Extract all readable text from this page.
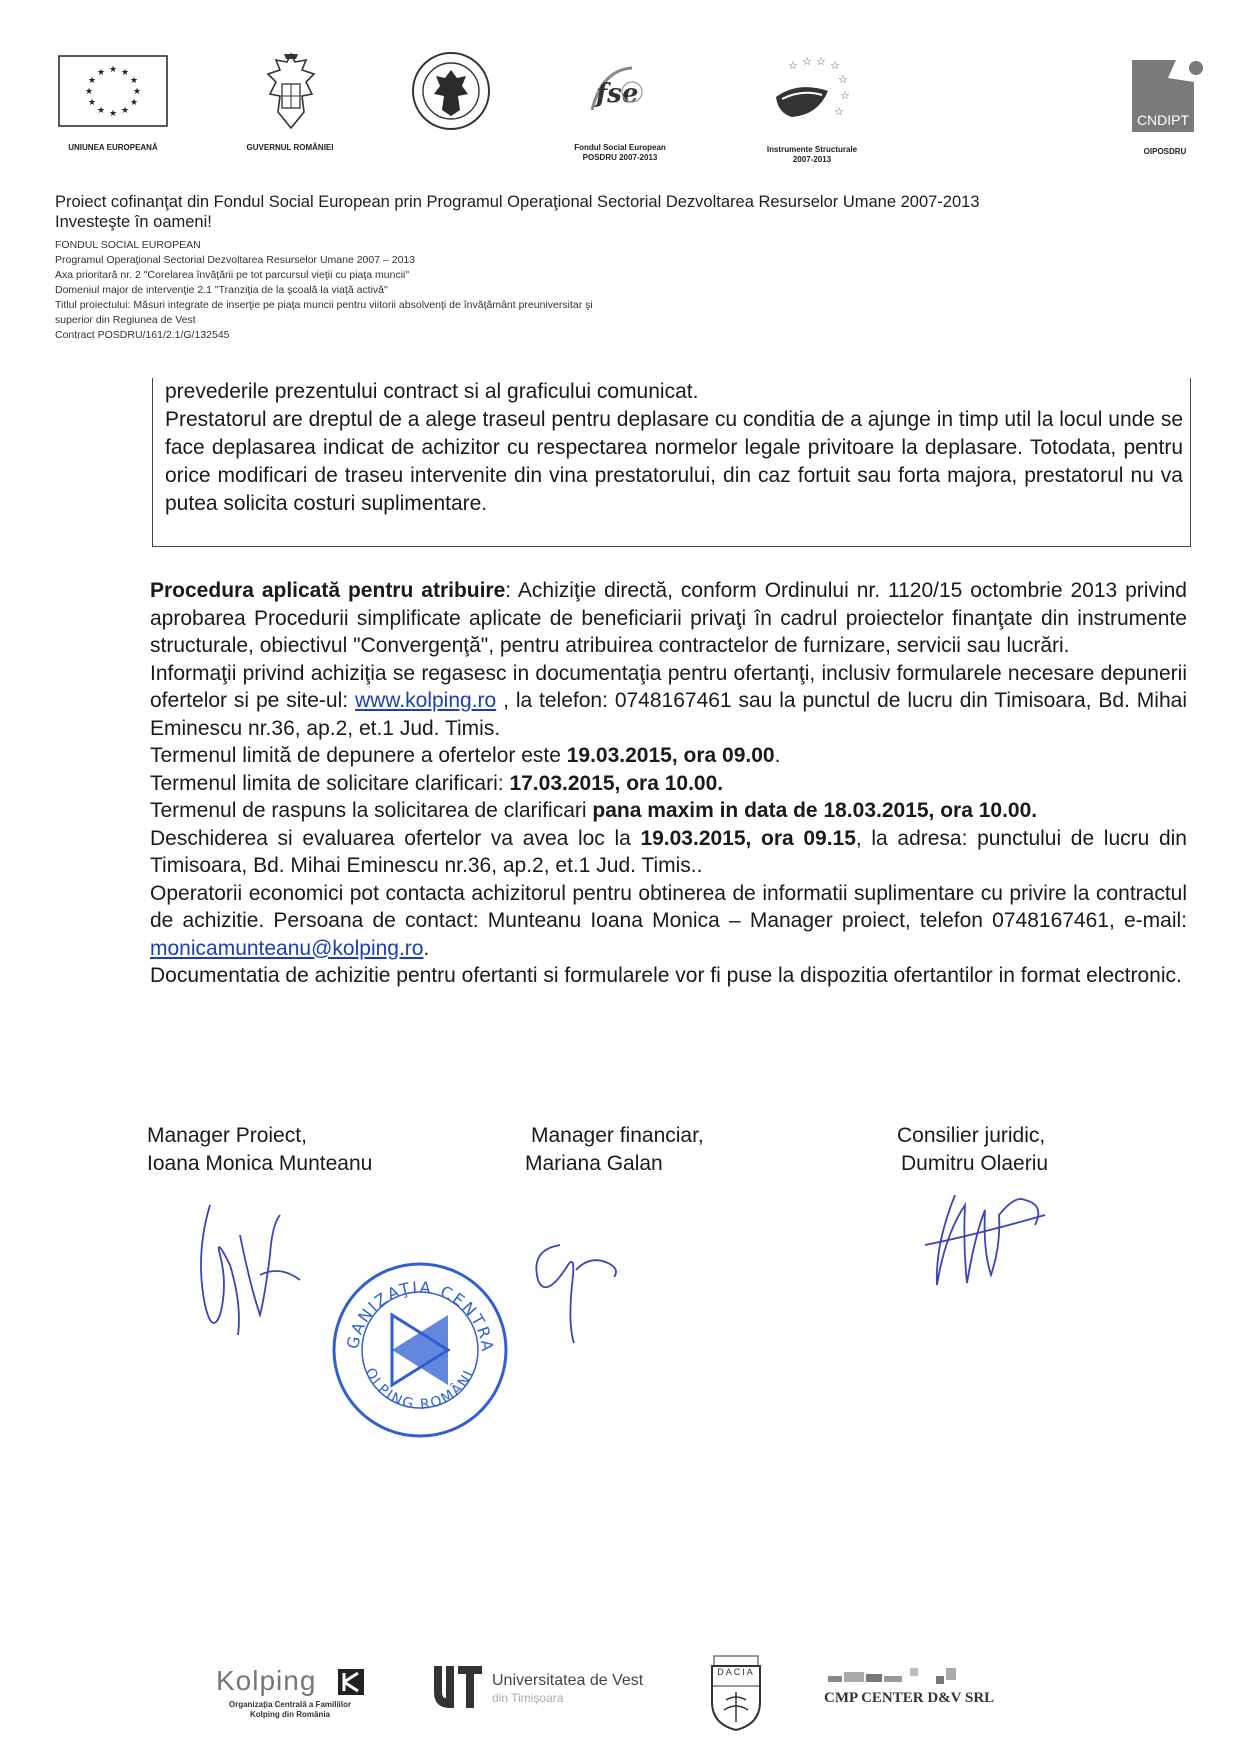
★ ★
★
★
★
★
★
★
★
★
★
★
UNIUNEA EUROPEANĂ	GUVERNUL ROMÂNIEI
fse
Fondul Social European
POSDRU 2007-2013
☆ ☆ ☆ ☆
☆
☆
☆
Instrumente Structurale
2007-2013
CNDIPT
OIPOSDRU
Proiect cofinanţat din Fondul Social European prin Programul Operaţional Sectorial Dezvoltarea Resurselor Umane 2007-2013
Investeşte în oameni!
FONDUL SOCIAL EUROPEAN
Programul Operaţional Sectorial Dezvoltarea Resurselor Umane 2007 – 2013
Axa prioritară nr. 2 "Corelarea învăţării pe tot parcursul vieţii cu piaţa muncii"
Domeniul major de intervenţie 2.1 "Tranziţia de la şcoală la viaţă activă"
Titlul proiectului: Măsuri integrate de inserţie pe piaţa muncii pentru viitorii absolvenţi de învăţământ preuniversitar şi
superior din Regiunea de Vest
Contract POSDRU/161/2.1/G/132545
prevederile prezentului contract si al graficului comunicat.
Prestatorul are dreptul de a alege traseul pentru deplasare cu conditia de a ajunge in timp util la locul unde se face deplasarea indicat de achizitor cu respectarea normelor legale privitoare la deplasare. Totodata, pentru orice modificari de traseu intervenite din vina prestatorului, din caz fortuit sau forta majora, prestatorul nu va putea solicita costuri suplimentare.

Procedura aplicată pentru atribuire: Achiziţie directă, conform Ordinului nr. 1120/15 octombrie 2013 privind aprobarea Procedurii simplificate aplicate de beneficiarii privaţi în cadrul proiectelor finanţate din instrumente structurale, obiectivul "Convergenţă", pentru atribuirea contractelor de furnizare, servicii sau lucrări.

Informaţii privind achiziţia se regasesc in documentaţia pentru ofertanţi, inclusiv formularele necesare depunerii ofertelor si pe site-ul: www.kolping.ro , la telefon: 0748167461 sau la punctul de lucru din Timisoara, Bd. Mihai Eminescu nr.36, ap.2, et.1 Jud. Timis.

Termenul limită de depunere a ofertelor este 19.03.2015, ora 09.00.

Termenul limita de solicitare clarificari: 17.03.2015, ora 10.00.

Termenul de raspuns la solicitarea de clarificari pana maxim in data de 18.03.2015, ora 10.00.

Deschiderea si evaluarea ofertelor va avea loc la 19.03.2015, ora 09.15, la adresa: punctului de lucru din Timisoara, Bd. Mihai Eminescu nr.36, ap.2, et.1 Jud. Timis..

Operatorii economici pot contacta achizitorul pentru obtinerea de informatii suplimentare cu privire la contractul de achizitie. Persoana de contact: Munteanu Ioana Monica – Manager proiect, telefon 0748167461, e-mail: monicamunteanu@kolping.ro.

Documentatia de achizitie pentru ofertanti si formularele vor fi puse la dispozitia ofertantilor in format electronic.

Manager Proiect,
Ioana Monica Munteanu
Manager financiar,
Mariana Galan
Consilier juridic,
Dumitru Olaeriu
GANIZAŢIA CENTRA
OLPING ROMÂNI
Kolping
Organizaţia Centrală a Familiilor
Kolping din România
Universitatea de Vest
din Timişoara
DACIA
CMP CENTER D&V SRL
